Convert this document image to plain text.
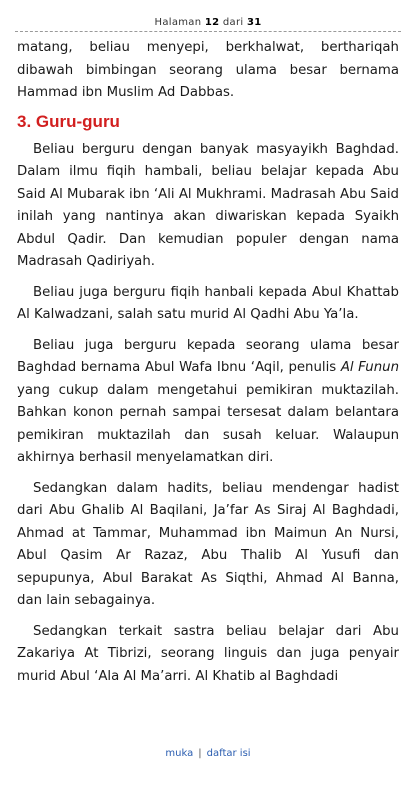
Halaman 12 dari 31

matang, beliau menyepi, berkhalwat, berthariqah dibawah bimbingan seorang ulama besar bernama Hammad ibn Muslim Ad Dabbas.

3. Guru-guru

Beliau berguru dengan banyak masyayikh Baghdad. Dalam ilmu fiqih hambali, beliau belajar kepada Abu Said Al Mubarak ibn ‘Ali Al Mukhrami. Madrasah Abu Said inilah yang nantinya akan diwariskan kepada Syaikh Abdul Qadir. Dan kemudian populer dengan nama Madrasah Qadiriyah.

Beliau juga berguru fiqih hanbali kepada Abul Khattab Al Kalwadzani, salah satu murid Al Qadhi Abu Ya’la.

Beliau juga berguru kepada seorang ulama besar Baghdad bernama Abul Wafa Ibnu ‘Aqil, penulis Al Funun yang cukup dalam mengetahui pemikiran muktazilah. Bahkan konon pernah sampai tersesat dalam belantara pemikiran muktazilah dan susah keluar. Walaupun akhirnya berhasil menyelamatkan diri.

Sedangkan dalam hadits, beliau mendengar hadist dari Abu Ghalib Al Baqilani, Ja’far As Siraj Al Baghdadi, Ahmad at Tammar, Muhammad ibn Maimun An Nursi, Abul Qasim Ar Razaz, Abu Thalib Al Yusufi dan sepupunya, Abul Barakat As Siqthi, Ahmad Al Banna, dan lain sebagainya.

Sedangkan terkait sastra beliau belajar dari Abu Zakariya At Tibrizi, seorang linguis dan juga penyair murid Abul ‘Ala Al Ma’arri. Al Khatib al Baghdadi

muka | daftar isi
